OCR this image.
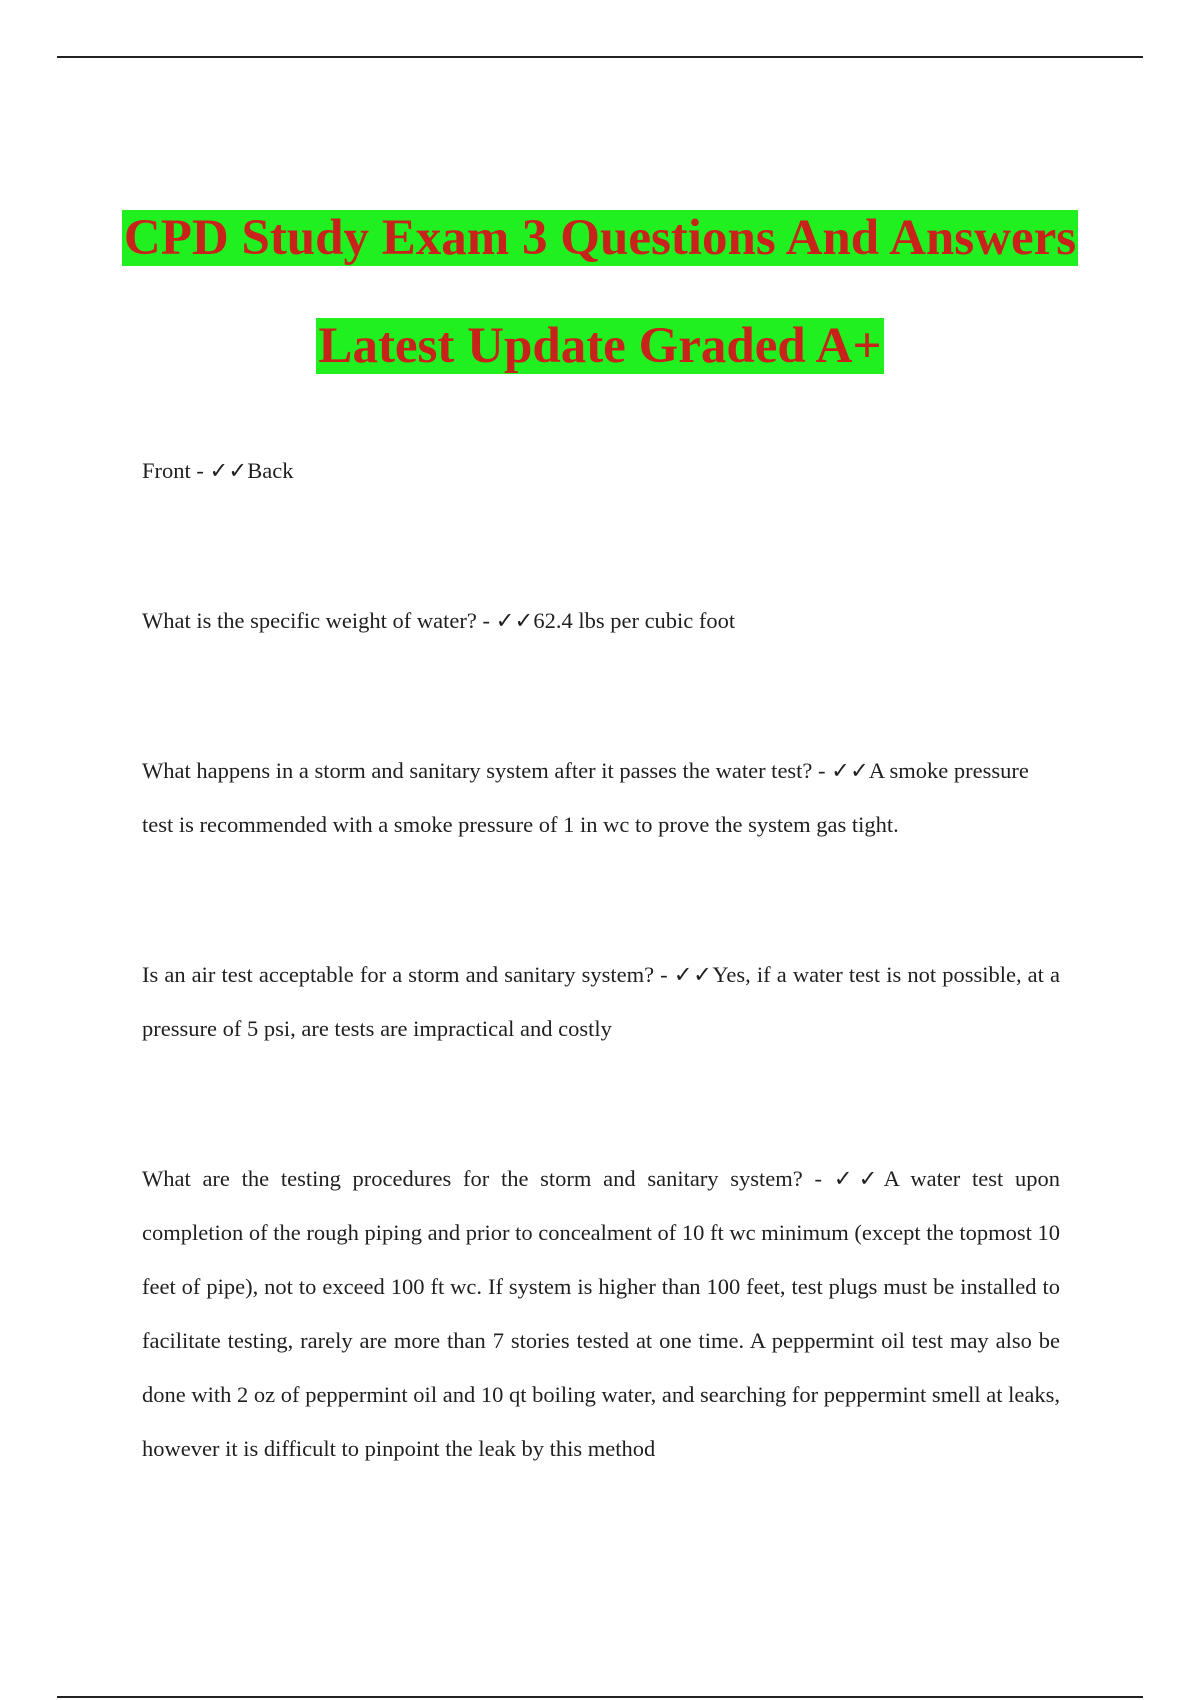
CPD Study Exam 3 Questions And Answers
Latest Update Graded A+

Front - ✓✓Back

What is the specific weight of water? - ✓✓62.4 lbs per cubic foot

What happens in a storm and sanitary system after it passes the water test? - ✓✓A smoke pressure test is recommended with a smoke pressure of 1 in wc to prove the system gas tight.

Is an air test acceptable for a storm and sanitary system? - ✓✓Yes, if a water test is not possible, at a pressure of 5 psi, are tests are impractical and costly

What are the testing procedures for the storm and sanitary system? - ✓✓A water test upon completion of the rough piping and prior to concealment of 10 ft wc minimum (except the topmost 10 feet of pipe), not to exceed 100 ft wc. If system is higher than 100 feet, test plugs must be installed to facilitate testing, rarely are more than 7 stories tested at one time. A peppermint oil test may also be done with 2 oz of peppermint oil and 10 qt boiling water, and searching for peppermint smell at leaks, however it is difficult to pinpoint the leak by this method
